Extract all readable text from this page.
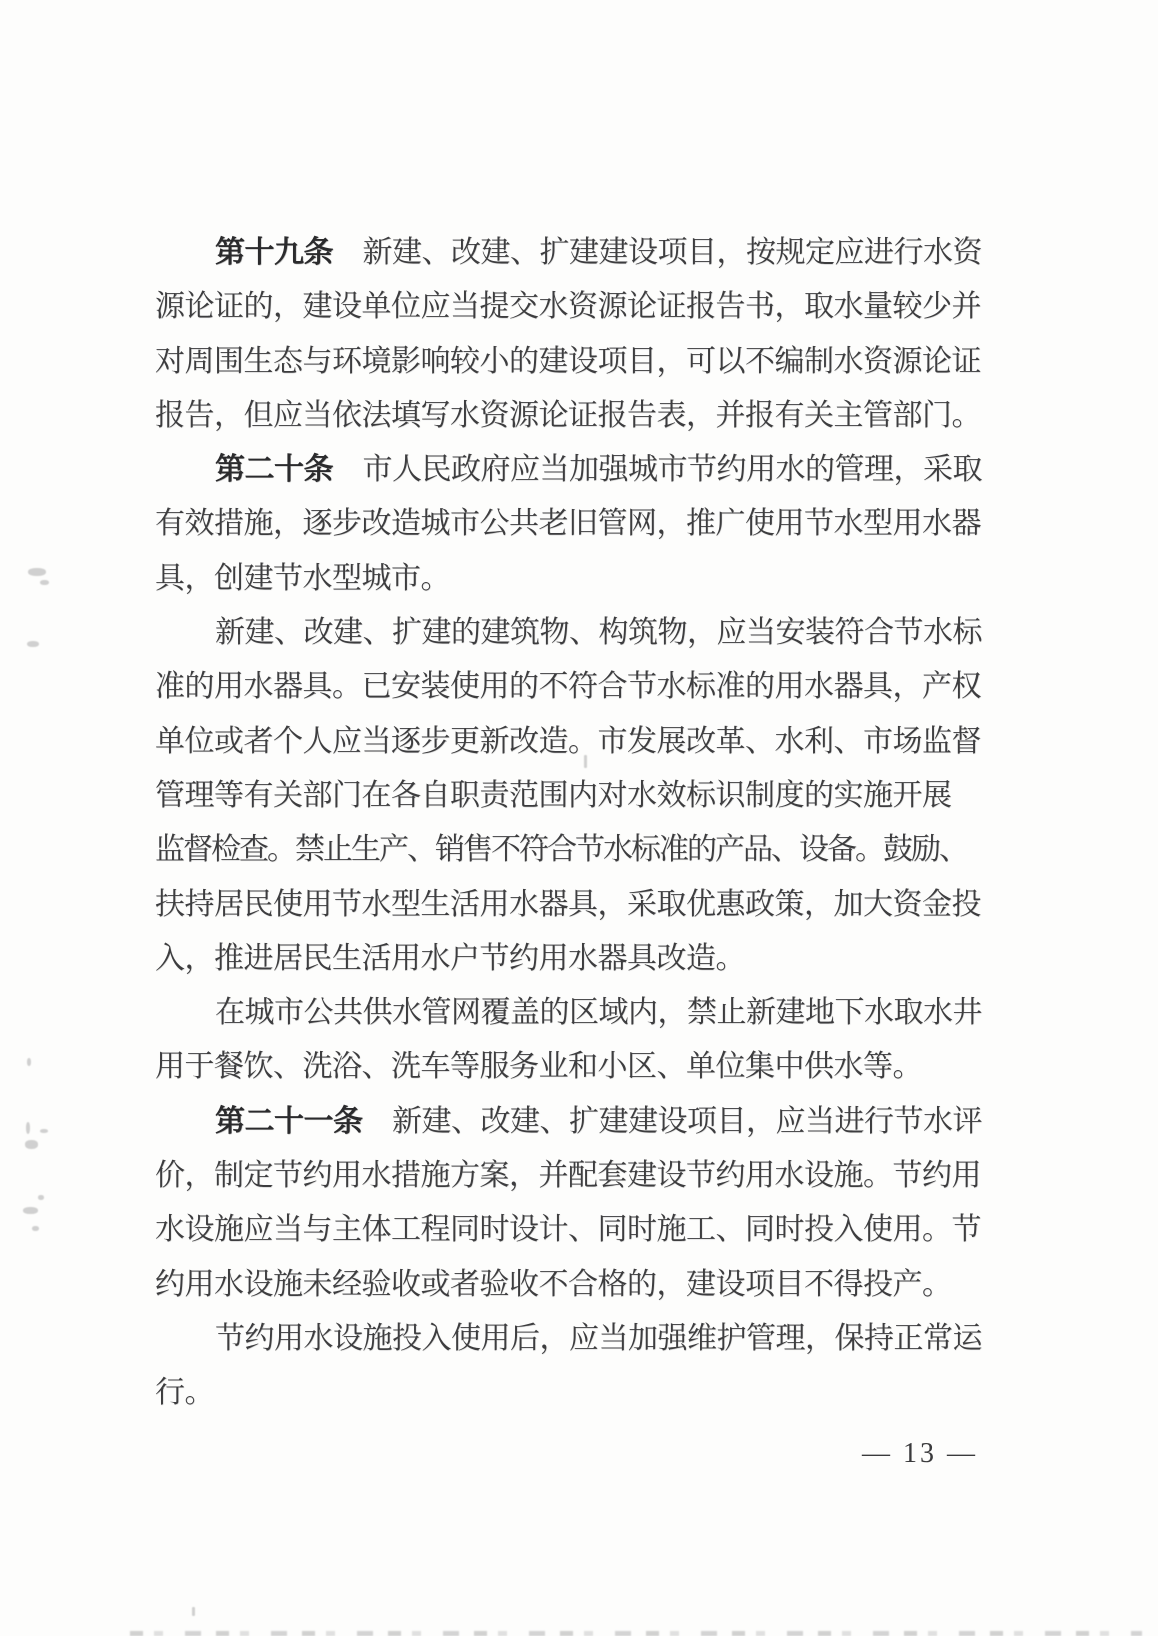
第十九条　新建、改建、扩建建设项目，按规定应进行水资
源论证的，建设单位应当提交水资源论证报告书，取水量较少并
对周围生态与环境影响较小的建设项目，可以不编制水资源论证
报告，但应当依法填写水资源论证报告表，并报有关主管部门。
第二十条　市人民政府应当加强城市节约用水的管理，采取
有效措施，逐步改造城市公共老旧管网，推广使用节水型用水器
具，创建节水型城市。
新建、改建、扩建的建筑物、构筑物，应当安装符合节水标
准的用水器具。已安装使用的不符合节水标准的用水器具，产权
单位或者个人应当逐步更新改造。市发展改革、水利、市场监督
管理等有关部门在各自职责范围内对水效标识制度的实施开展
监督检查。禁止生产、销售不符合节水标准的产品、设备。鼓励、
扶持居民使用节水型生活用水器具，采取优惠政策，加大资金投
入，推进居民生活用水户节约用水器具改造。
在城市公共供水管网覆盖的区域内，禁止新建地下水取水井
用于餐饮、洗浴、洗车等服务业和小区、单位集中供水等。
第二十一条　新建、改建、扩建建设项目，应当进行节水评
价，制定节约用水措施方案，并配套建设节约用水设施。节约用
水设施应当与主体工程同时设计、同时施工、同时投入使用。节
约用水设施未经验收或者验收不合格的，建设项目不得投产。
节约用水设施投入使用后，应当加强维护管理，保持正常运
行。
— 13 —
